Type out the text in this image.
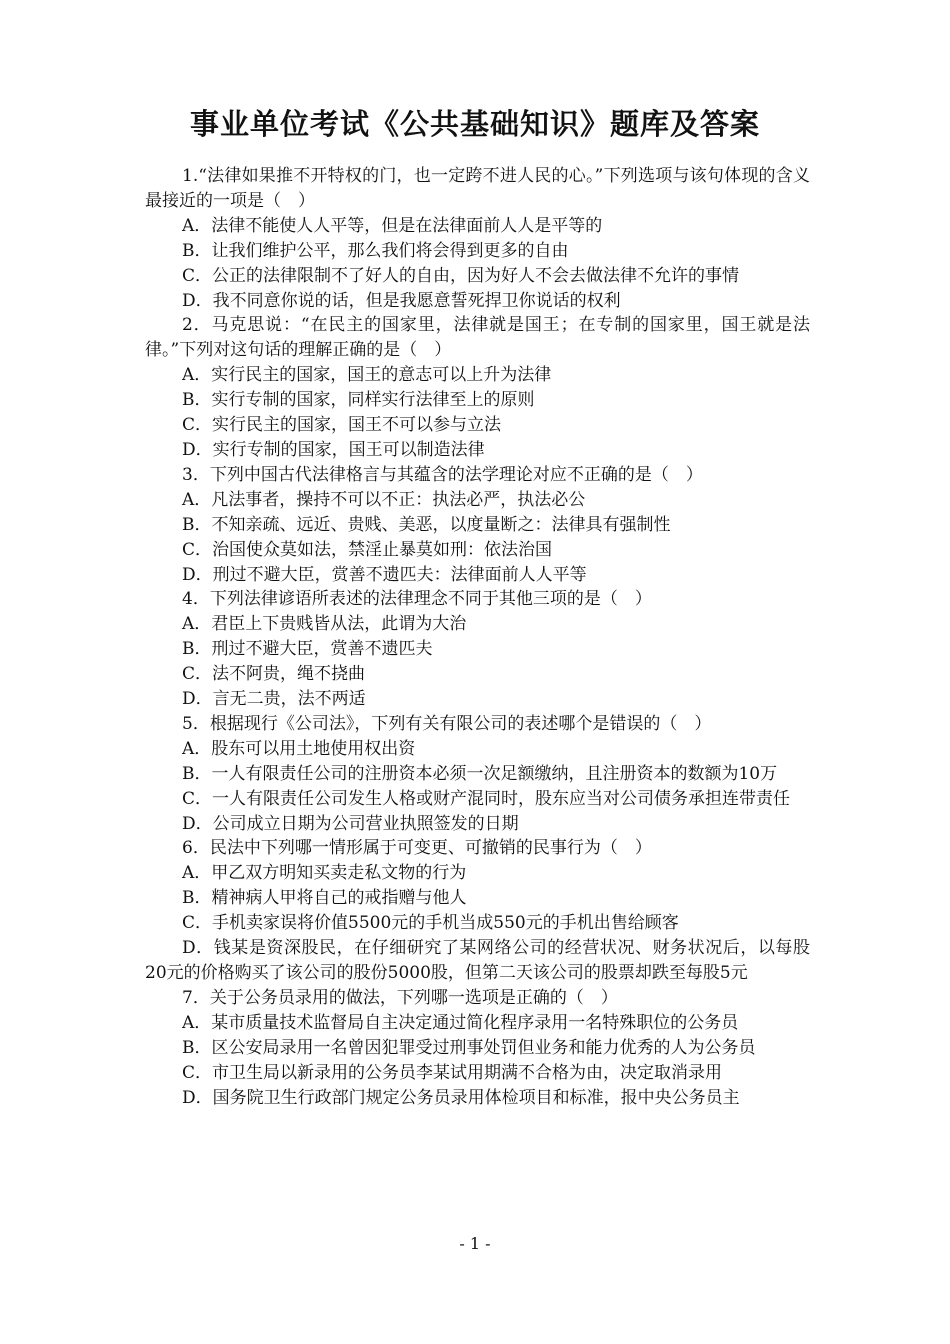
事业单位考试《公共基础知识》题库及答案

1.“法律如果推不开特权的门，也一定跨不进人民的心。”下列选项与该句体现的含义最接近的一项是（　）

A．法律不能使人人平等，但是在法律面前人人是平等的

B．让我们维护公平，那么我们将会得到更多的自由

C．公正的法律限制不了好人的自由，因为好人不会去做法律不允许的事情

D．我不同意你说的话，但是我愿意誓死捍卫你说话的权利

2．马克思说：“在民主的国家里，法律就是国王；在专制的国家里，国王就是法律。”下列对这句话的理解正确的是（　）

A．实行民主的国家，国王的意志可以上升为法律

B．实行专制的国家，同样实行法律至上的原则

C．实行民主的国家，国王不可以参与立法

D．实行专制的国家，国王可以制造法律

3．下列中国古代法律格言与其蕴含的法学理论对应不正确的是（　）

A．凡法事者，操持不可以不正：执法必严，执法必公

B．不知亲疏、远近、贵贱、美恶，以度量断之：法律具有强制性

C．治国使众莫如法，禁淫止暴莫如刑：依法治国

D．刑过不避大臣，赏善不遗匹夫：法律面前人人平等

4．下列法律谚语所表述的法律理念不同于其他三项的是（　）

A．君臣上下贵贱皆从法，此谓为大治

B．刑过不避大臣，赏善不遗匹夫

C．法不阿贵，绳不挠曲

D．言无二贵，法不两适

5．根据现行《公司法》，下列有关有限公司的表述哪个是错误的（　）

A．股东可以用土地使用权出资

B．一人有限责任公司的注册资本必须一次足额缴纳，且注册资本的数额为10万

C．一人有限责任公司发生人格或财产混同时，股东应当对公司债务承担连带责任

D．公司成立日期为公司营业执照签发的日期

6．民法中下列哪一情形属于可变更、可撤销的民事行为（　）

A．甲乙双方明知买卖走私文物的行为

B．精神病人甲将自己的戒指赠与他人

C．手机卖家误将价值5500元的手机当成550元的手机出售给顾客

D．钱某是资深股民，在仔细研究了某网络公司的经营状况、财务状况后，以每股20元的价格购买了该公司的股份5000股，但第二天该公司的股票却跌至每股5元

7．关于公务员录用的做法，下列哪一选项是正确的（　）

A．某市质量技术监督局自主决定通过简化程序录用一名特殊职位的公务员

B．区公安局录用一名曾因犯罪受过刑事处罚但业务和能力优秀的人为公务员

C．市卫生局以新录用的公务员李某试用期满不合格为由，决定取消录用

D．国务院卫生行政部门规定公务员录用体检项目和标准，报中央公务员主

- 1 -
